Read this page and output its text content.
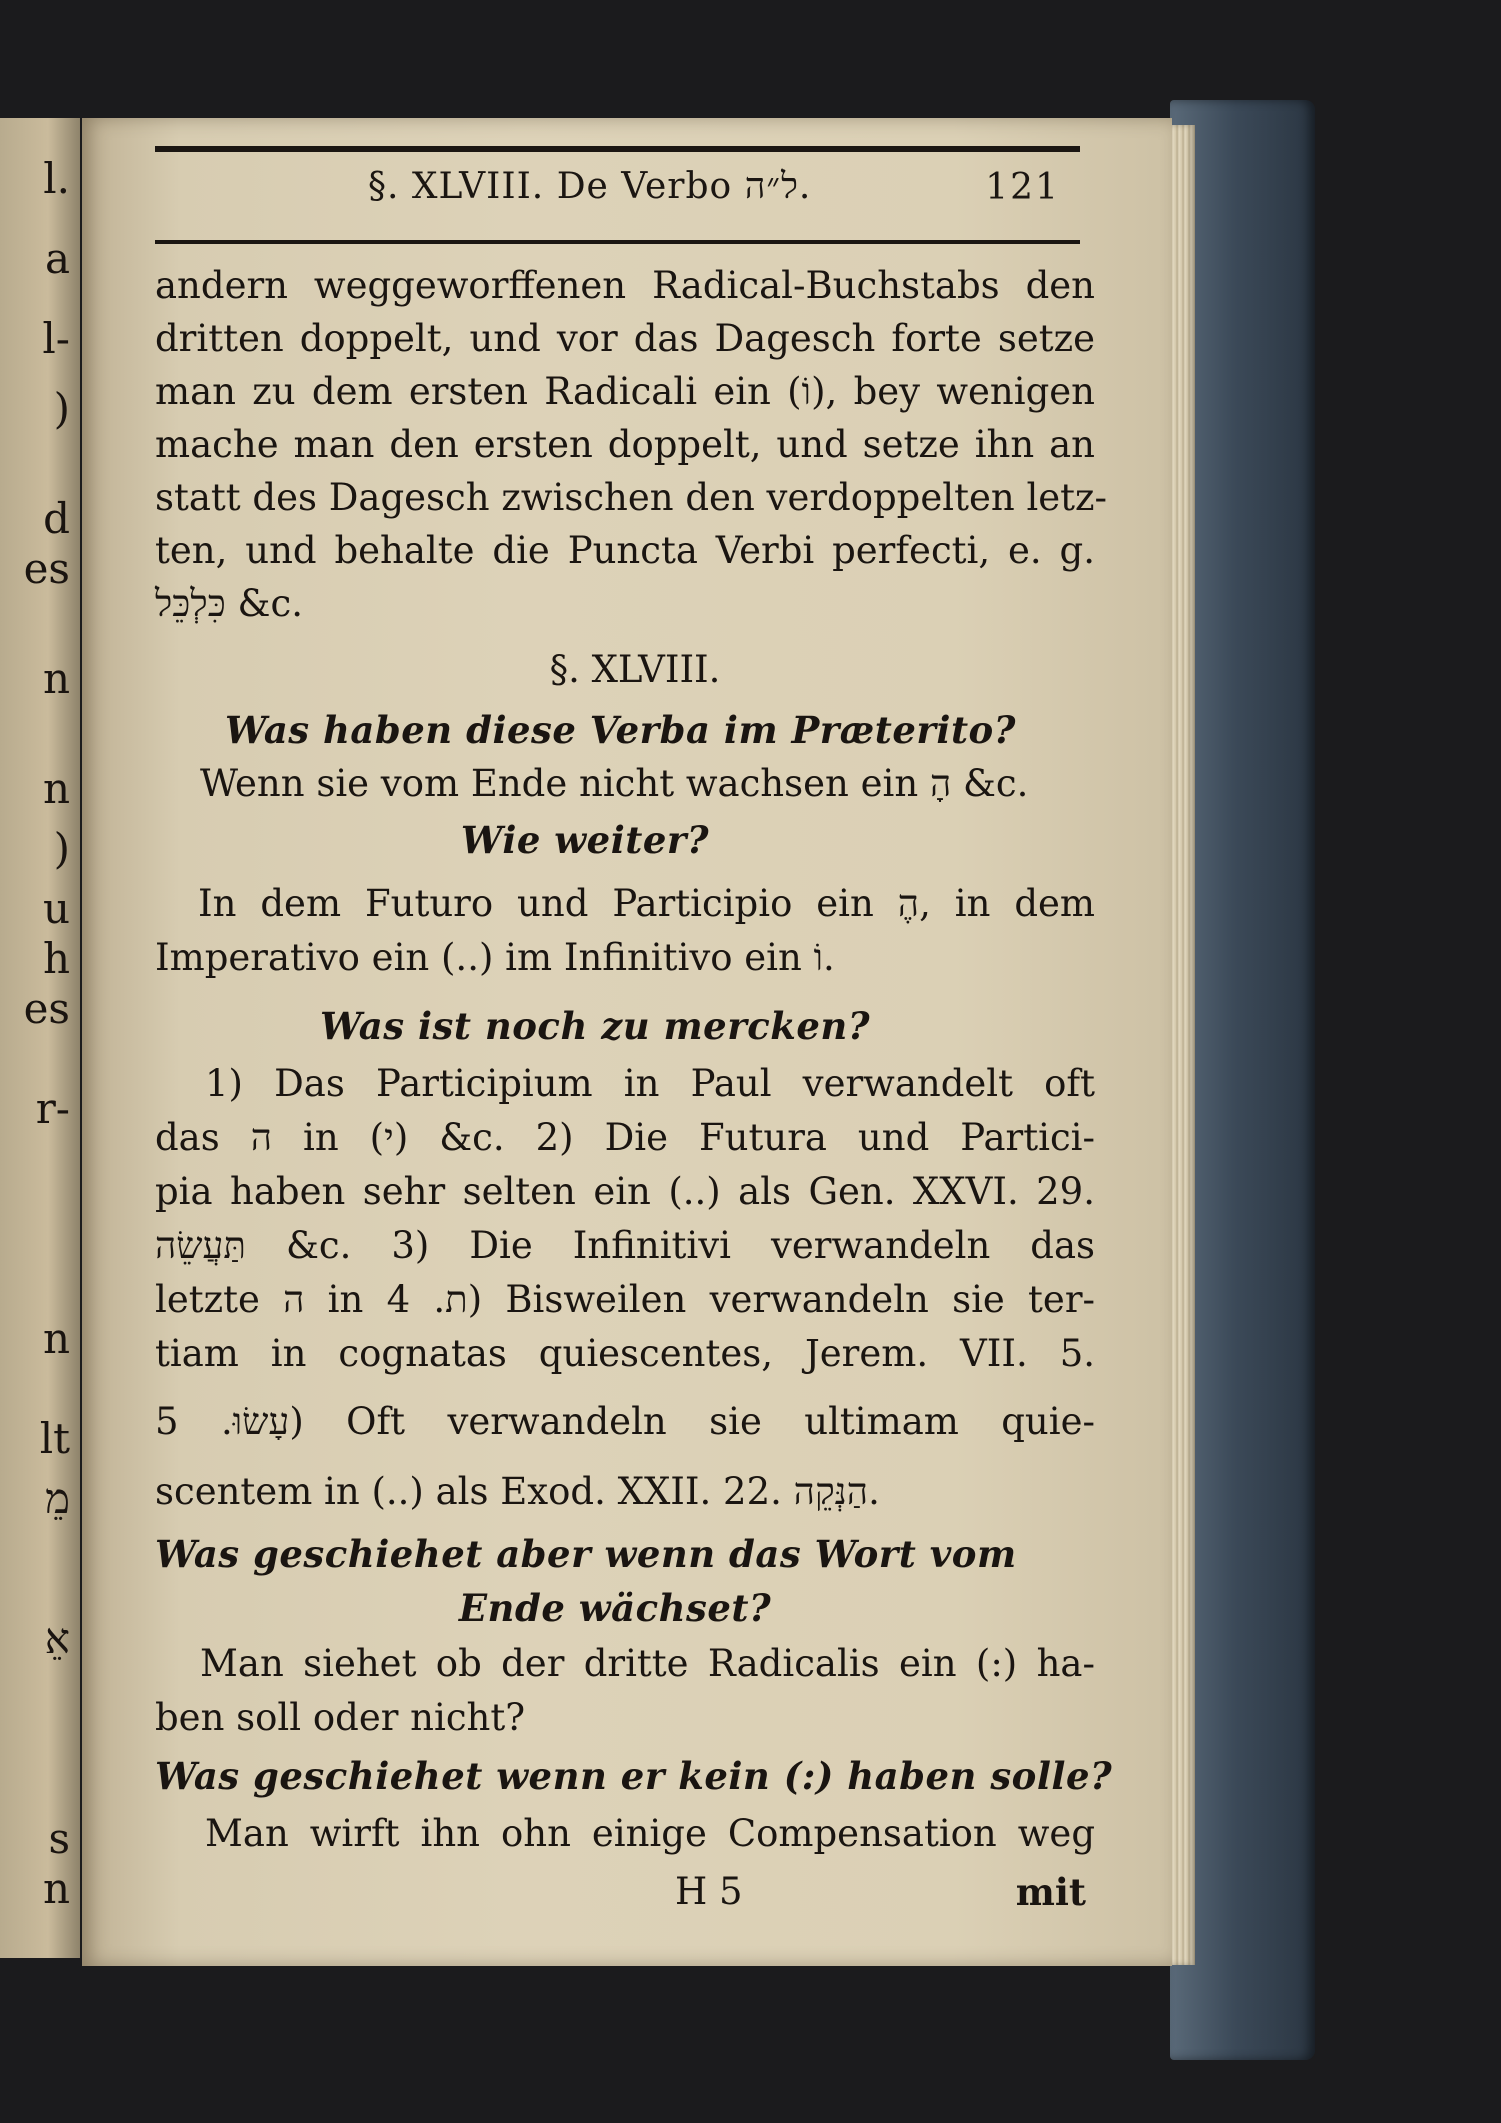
l.
a
l-
)
d
es
n
n
)
u
h
es
r-
n
lt
מֵ
אֵ
s
n
§. XLVIII. De Verbo ל״ה.	121
andern weggeworffenen Radical-Buchstabs den
dritten doppelt, und vor das Dagesch forte setze
man zu dem ersten Radicali ein (וֹ), bey wenigen
mache man den ersten doppelt, und setze ihn an
statt des Dagesch zwischen den verdoppelten letz-
ten, und behalte die Puncta Verbi perfecti, e. g.
כִּלְכֵּל &c.
§. XLVIII.
Was haben diese Verba im Præterito?
Wenn sie vom Ende nicht wachsen ein הָ &c.
Wie weiter?
In dem Futuro und Participio ein הֶ, in dem
Imperativo ein (..) im Infinitivo ein וֹ.
Was ist noch zu mercken?
1) Das Participium in Paul verwandelt oft
das ה in (י) &c. 2) Die Futura und Partici-
pia haben sehr selten ein (..) als Gen. XXVI. 29.
תַּעֲשֵׂה &c. 3) Die Infinitivi verwandeln das
letzte ה in ת. 4) Bisweilen verwandeln sie ter-
tiam in cognatas quiescentes, Jerem. VII. 5.
עָשׂוּ. 5) Oft verwandeln sie ultimam quie-
scentem in (..) als Exod. XXII. 22. הַנְּקֵה.
Was geschiehet aber wenn das Wort vom
Ende wächset?
Man siehet ob der dritte Radicalis ein (:) ha-
ben soll oder nicht?
Was geschiehet wenn er kein (:) haben solle?
Man wirft ihn ohn einige Compensation weg
H 5	mit
